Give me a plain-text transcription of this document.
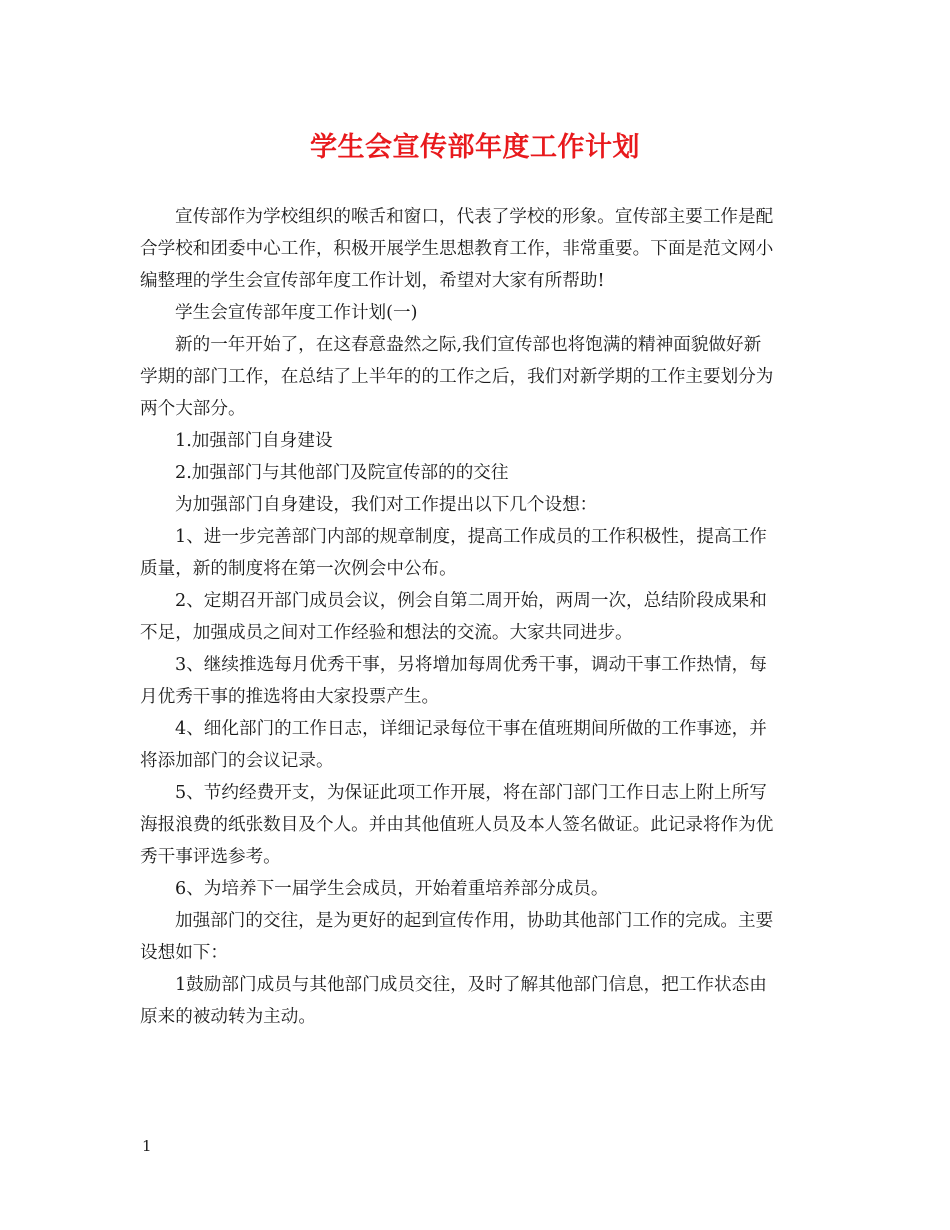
学生会宣传部年度工作计划

宣传部作为学校组织的喉舌和窗口，代表了学校的形象。宣传部主要工作是配
合学校和团委中心工作，积极开展学生思想教育工作，非常重要。下面是范文网小
编整理的学生会宣传部年度工作计划，希望对大家有所帮助!

学生会宣传部年度工作计划(一)

新的一年开始了，在这春意盎然之际,我们宣传部也将饱满的精神面貌做好新
学期的部门工作，在总结了上半年的的工作之后，我们对新学期的工作主要划分为
两个大部分。

1.加强部门自身建设

2.加强部门与其他部门及院宣传部的的交往

为加强部门自身建设，我们对工作提出以下几个设想：

1、进一步完善部门内部的规章制度，提高工作成员的工作积极性，提高工作
质量，新的制度将在第一次例会中公布。

2、定期召开部门成员会议，例会自第二周开始，两周一次，总结阶段成果和
不足，加强成员之间对工作经验和想法的交流。大家共同进步。

3、继续推选每月优秀干事，另将增加每周优秀干事，调动干事工作热情，每
月优秀干事的推选将由大家投票产生。

4、细化部门的工作日志，详细记录每位干事在值班期间所做的工作事迹，并
将添加部门的会议记录。

5、节约经费开支，为保证此项工作开展，将在部门部门工作日志上附上所写
海报浪费的纸张数目及个人。并由其他值班人员及本人签名做证。此记录将作为优
秀干事评选参考。

6、为培养下一届学生会成员，开始着重培养部分成员。

加强部门的交往，是为更好的起到宣传作用，协助其他部门工作的完成。主要
设想如下：

1鼓励部门成员与其他部门成员交往，及时了解其他部门信息，把工作状态由
原来的被动转为主动。

1
